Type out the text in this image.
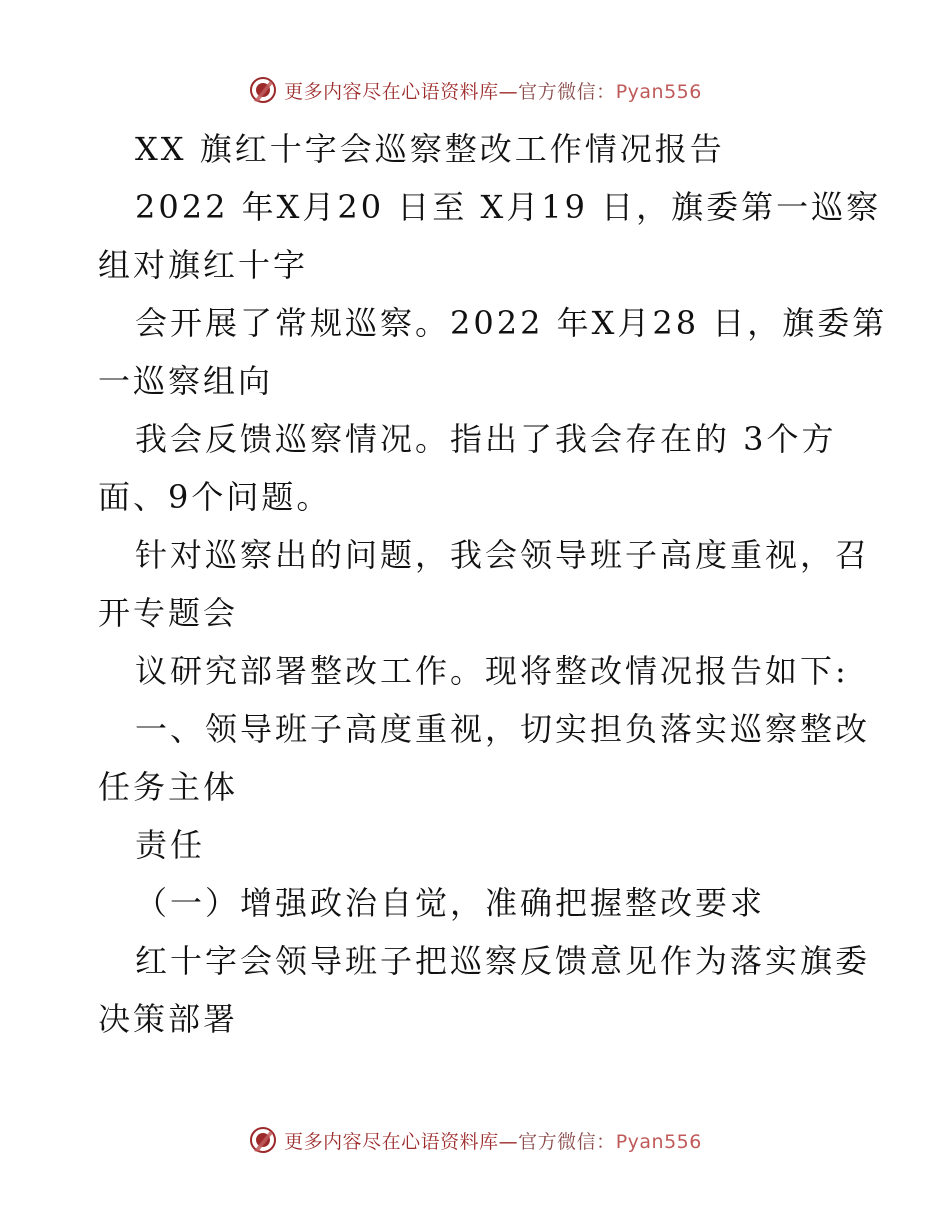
更多内容尽在心语资料库—官方微信：Pyan556
XX 旗红十字会巡察整改工作情况报告
2022 年X月20 日至 X月19 日，旗委第一巡察
组对旗红十字
会开展了常规巡察。2022 年X月28 日，旗委第
一巡察组向
我会反馈巡察情况。指出了我会存在的 3个方
面、9个问题。
针对巡察出的问题，我会领导班子高度重视，召
开专题会
议研究部署整改工作。现将整改情况报告如下:
一、领导班子高度重视，切实担负落实巡察整改
任务主体
责任
（一）增强政治自觉，准确把握整改要求
红十字会领导班子把巡察反馈意见作为落实旗委
决策部署
更多内容尽在心语资料库—官方微信：Pyan556
